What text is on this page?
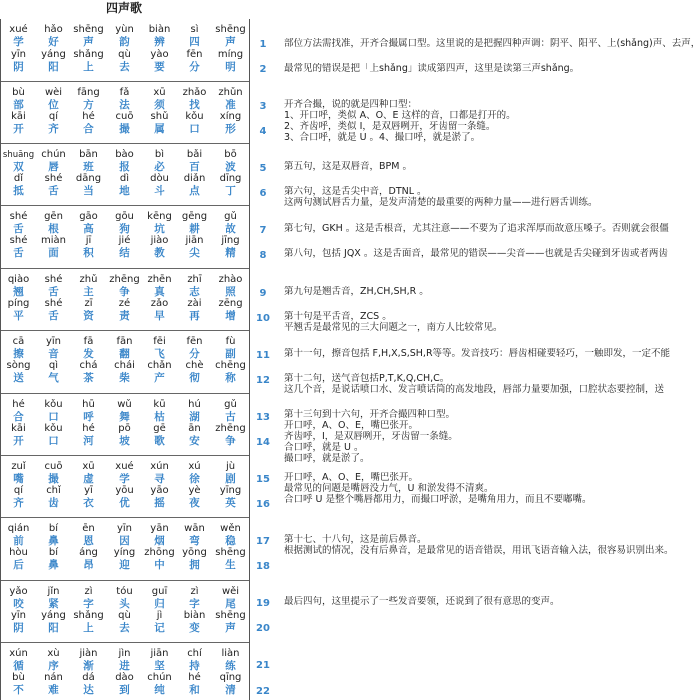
四声歌
xué
学
hǎo
好
shēng
声
yùn
韵
biàn
辨
sì
四
shēng
声
yīn
阴
yáng
阳
shǎng
上
qù
去
yào
要
fēn
分
míng
明
bù
部
wèi
位
fāng
方
fǎ
法
xū
须
zhǎo
找
zhǔn
准
kāi
开
qí
齐
hé
合
cuō
撮
shǔ
属
kǒu
口
xíng
形
shuāng
双
chún
唇
bān
班
bào
报
bì
必
bǎi
百
bō
波
dǐ
抵
shé
舌
dāng
当
dì
地
dòu
斗
diǎn
点
dīng
丁
shé
舌
gēn
根
gāo
高
gōu
狗
kēng
坑
gēng
耕
gǔ
故
shé
舌
miàn
面
jī
积
jié
结
jiào
教
jiān
尖
jīng
精
qiào
翘
shé
舌
zhǔ
主
zhēng
争
zhēn
真
zhī
志
zhào
照
píng
平
shé
舌
zī
资
zé
责
zǎo
早
zài
再
zēng
增
cā
擦
yīn
音
fā
发
fān
翻
fēi
飞
fēn
分
fù
副
sòng
送
qì
气
chá
茶
chái
柴
chǎn
产
chè
彻
chēng
称
hé
合
kǒu
口
hū
呼
wǔ
舞
kū
枯
hú
湖
gǔ
古
kāi
开
kǒu
口
hé
河
pō
坡
gē
歌
ān
安
zhēng
争
zuǐ
嘴
cuō
撮
xū
虚
xué
学
xún
寻
xú
徐
jù
剧
qí
齐
chǐ
齿
yī
衣
yōu
优
yāo
摇
yè
夜
yīng
英
qián
前
bí
鼻
ēn
恩
yīn
因
yān
烟
wān
弯
wěn
稳
hòu
后
bí
鼻
áng
昂
yíng
迎
zhōng
中
yōng
拥
shēng
生
yǎo
咬
jǐn
紧
zì
字
tóu
头
guī
归
zì
字
wěi
尾
yīn
阴
yáng
阳
shǎng
上
qù
去
jì
记
biàn
变
shēng
声
xún
循
xù
序
jiàn
渐
jìn
进
jiān
坚
chí
持
liàn
练
bù
不
nán
难
dá
达
dào
到
chún
纯
hé
和
qīng
清
1
2
3
4
5
6
7
8
9
10
11
12
13
14
15
16
17
18
19
20
21
22
部位方法需找准，开齐合撮属口型。这里说的是把握四种声调：阴平、阳平、上(shǎng)声、去声，
最常见的错误是把「上shǎng」读成第四声，这里是读第三声shǎng。
开齐合撮，说的就是四种口型：
1、开口呼，类似 A、O、E 这样的音，口都是打开的。
2、齐齿呼，类似 I，是双唇咧开，牙齿留一条缝。
3、合口呼，就是 U 。4、撮口呼，就是淤了。
第五句，这是双唇音，BPM 。
第六句，这是舌尖中音，DTNL 。
这两句测试唇舌力量，是发声清楚的最重要的两种力量——进行唇舌训练。
第七句，GKH 。这是舌根音，尤其注意——不要为了追求浑厚而故意压嗓子。否则就会很僵
第八句，包括 JQX 。这是舌面音，最常见的错误——尖音——也就是舌尖碰到牙齿或者两齿
第九句是翘舌音，ZH,CH,SH,R 。
第十句是平舌音，ZCS 。
平翘舌是最常见的三大问题之一，南方人比较常见。
第十一句，擦音包括 F,H,X,S,SH,R等等。发音技巧：唇齿相碰要轻巧，一触即发，一定不能
第十二句，送气音包括P,T,K,Q,CH,C。
这几个音，是说话喷口水、发言喷话筒的高发地段，唇部力量要加强，口腔状态要控制，送
第十三句到十六句，开齐合撮四种口型。
开口呼，A、O、E，嘴巴张开。
齐齿呼，I，是双唇咧开，牙齿留一条缝。
合口呼，就是 U 。
撮口呼，就是淤了。
开口呼，A、O、E，嘴巴张开。
最常见的问题是嘴唇没力气，U 和淤发得不清爽。
合口呼 U 是整个嘴唇都用力，而撮口呼淤，是嘴角用力，而且不要嘟嘴。
第十七、十八句，这是前后鼻音。
根据测试的情况，没有后鼻音，是最常见的语音错误，用讯飞语音输入法，很容易识别出来。
最后四句，这里提示了一些发音要领，还说到了很有意思的变声。
